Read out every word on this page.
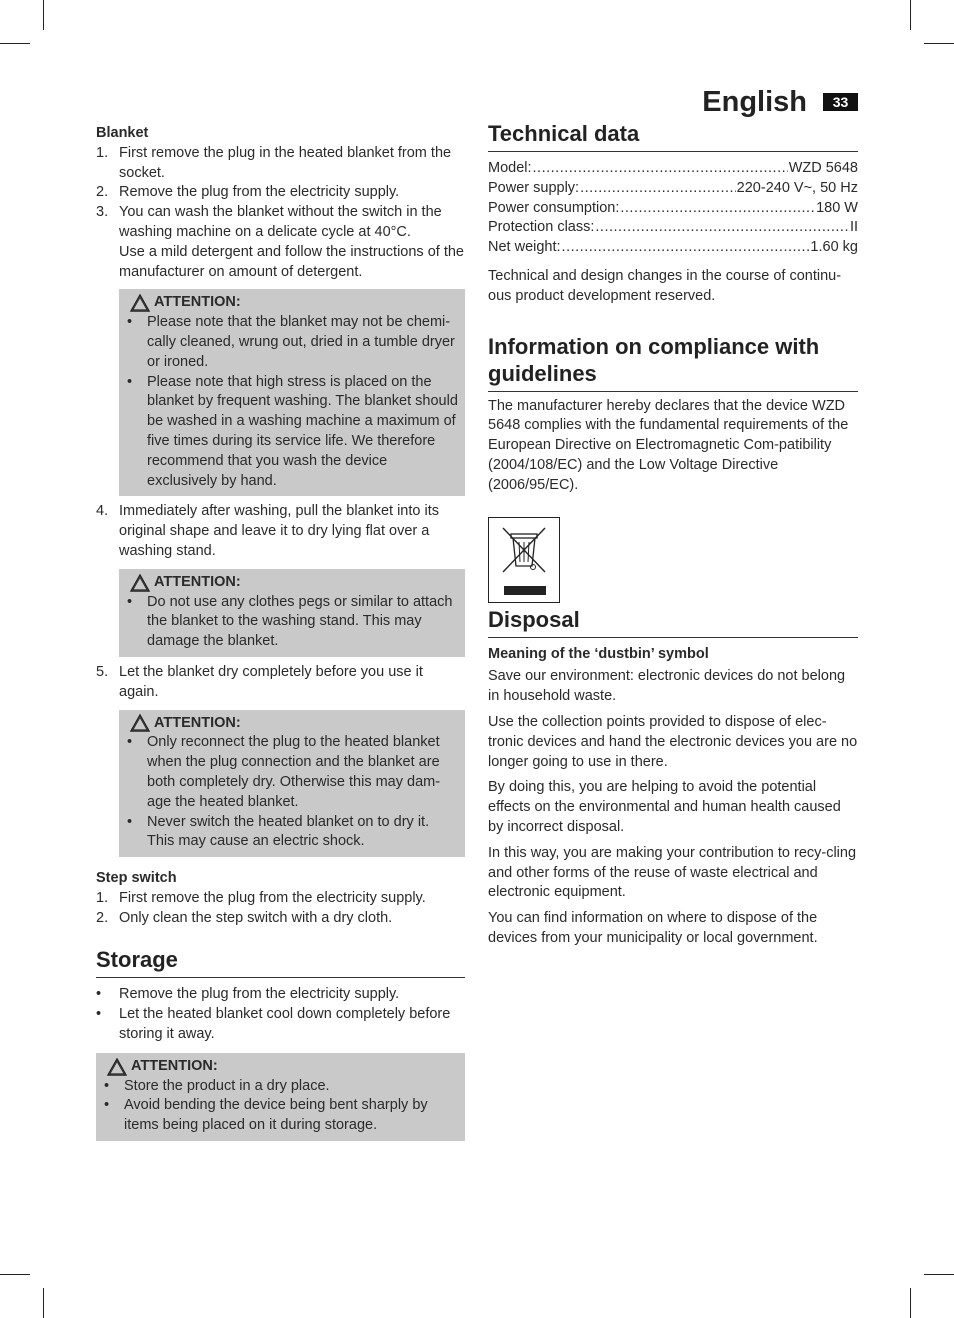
English	33

Blanket

1. First remove the plug in the heated blanket from the socket.
2. Remove the plug from the electricity supply.
3. You can wash the blanket without the switch in the washing machine on a delicate cycle at 40°C.
Use a mild detergent and follow the instructions of the manufacturer on amount of detergent.
ATTENTION:
• Please note that the blanket may not be chemi-cally cleaned, wrung out, dried in a tumble dryer or ironed.
• Please note that high stress is placed on the blanket by frequent washing. The blanket should be washed in a washing machine a maximum of five times during its service life. We therefore recommend that you wash the device exclusively by hand.
4. Immediately after washing, pull the blanket into its original shape and leave it to dry lying flat over a washing stand.
ATTENTION:
• Do not use any clothes pegs or similar to attach the blanket to the washing stand. This may damage the blanket.
5. Let the blanket dry completely before you use it again.
ATTENTION:
• Only reconnect the plug to the heated blanket when the plug connection and the blanket are both completely dry. Otherwise this may dam-age the heated blanket.
• Never switch the heated blanket on to dry it. This may cause an electric shock.

Step switch

1. First remove the plug from the electricity supply.
2. Only clean the step switch with a dry cloth.
Storage
• Remove the plug from the electricity supply.
• Let the heated blanket cool down completely before storing it away.
ATTENTION:
• Store the product in a dry place.
• Avoid bending the device being bent sharply by items being placed on it during storage.
Technical data
Model: .....	WZD 5648
Power supply: .....	220-240 V~, 50 Hz
Power consumption: .....	180 W
Protection class: .....	II
Net weight: .....	1.60 kg

Technical and design changes in the course of continu-ous product development reserved.

Information on compliance with guidelines

The manufacturer hereby declares that the device WZD 5648 complies with the fundamental requirements of the European Directive on Electromagnetic Com-patibility (2004/108/EC) and the Low Voltage Directive (2006/95/EC).

Disposal

Meaning of the ‘dustbin’ symbol

Save our environment: electronic devices do not belong in household waste.

Use the collection points provided to dispose of elec-tronic devices and hand the electronic devices you are no longer going to use in there.

By doing this, you are helping to avoid the potential effects on the environmental and human health caused by incorrect disposal.

In this way, you are making your contribution to recy-cling and other forms of the reuse of waste electrical and electronic equipment.

You can find information on where to dispose of the devices from your municipality or local government.
